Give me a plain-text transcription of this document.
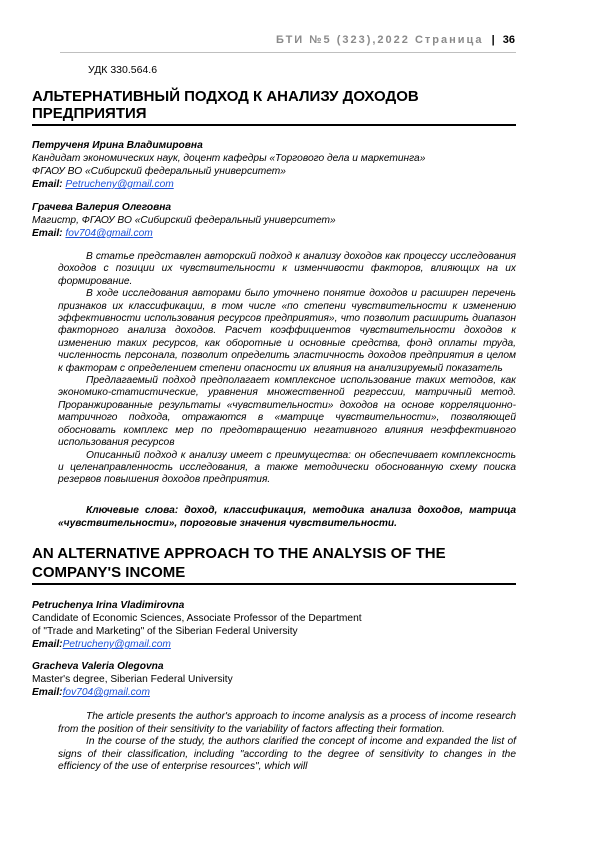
БТИ №5 (323),2022 Страница | 36
УДК 330.564.6
АЛЬТЕРНАТИВНЫЙ ПОДХОД К АНАЛИЗУ ДОХОДОВ ПРЕДПРИЯТИЯ
Петрученя Ирина Владимировна
Кандидат экономических наук, доцент кафедры «Торгового дела и маркетинга»
ФГАОУ ВО «Сибирский федеральный университет»
Email: Petrucheny@gmail.com
Грачева Валерия Олеговна
Магистр, ФГАОУ ВО «Сибирский федеральный университет»
Email: fov704@gmail.com

В статье представлен авторский подход к анализу доходов как процессу исследования доходов с позиции их чувствительности к изменчивости факторов, влияющих на их формирование.

В ходе исследования авторами было уточнено понятие доходов и расширен перечень признаков их классификации, в том числе «по степени чувствительности к изменению эффективности использования ресурсов предприятия», что позволит расширить диапазон факторного анализа доходов. Расчет коэффициентов чувствительности доходов к изменению таких ресурсов, как оборотные и основные средства, фонд оплаты труда, численность персонала, позволит определить эластичность доходов предприятия в целом к факторам с определением степени опасности их влияния на анализируемый показатель

Предлагаемый подход предполагает комплексное использование таких методов, как экономико-статистические, уравнения множественной регрессии, матричный метод. Проранжированные результаты «чувствительности» доходов на основе корреляционно-матричного подхода, отражаются в «матрице чувствительности», позволяющей обосновать комплекс мер по предотвращению негативного влияния неэффективного использования ресурсов

Описанный подход к анализу имеет с преимущества: он обеспечивает комплексность и целенаправленность исследования, а также методически обоснованную схему поиска резервов повышения доходов предприятия.

Ключевые слова: доход, классификация, методика анализа доходов, матрица «чувствительности», пороговые значения чувствительности.
AN ALTERNATIVE APPROACH TO THE ANALYSIS OF THE COMPANY'S INCOME
Petruchenya Irina Vladimirovna
Candidate of Economic Sciences, Associate Professor of the Department
of "Trade and Marketing" of the Siberian Federal University
Email:Petrucheny@gmail.com
Gracheva Valeria Olegovna
Master's degree, Siberian Federal University
Email:fov704@gmail.com

The article presents the author's approach to income analysis as a process of income research from the position of their sensitivity to the variability of factors affecting their formation.

In the course of the study, the authors clarified the concept of income and expanded the list of signs of their classification, including "according to the degree of sensitivity to changes in the efficiency of the use of enterprise resources", which will
